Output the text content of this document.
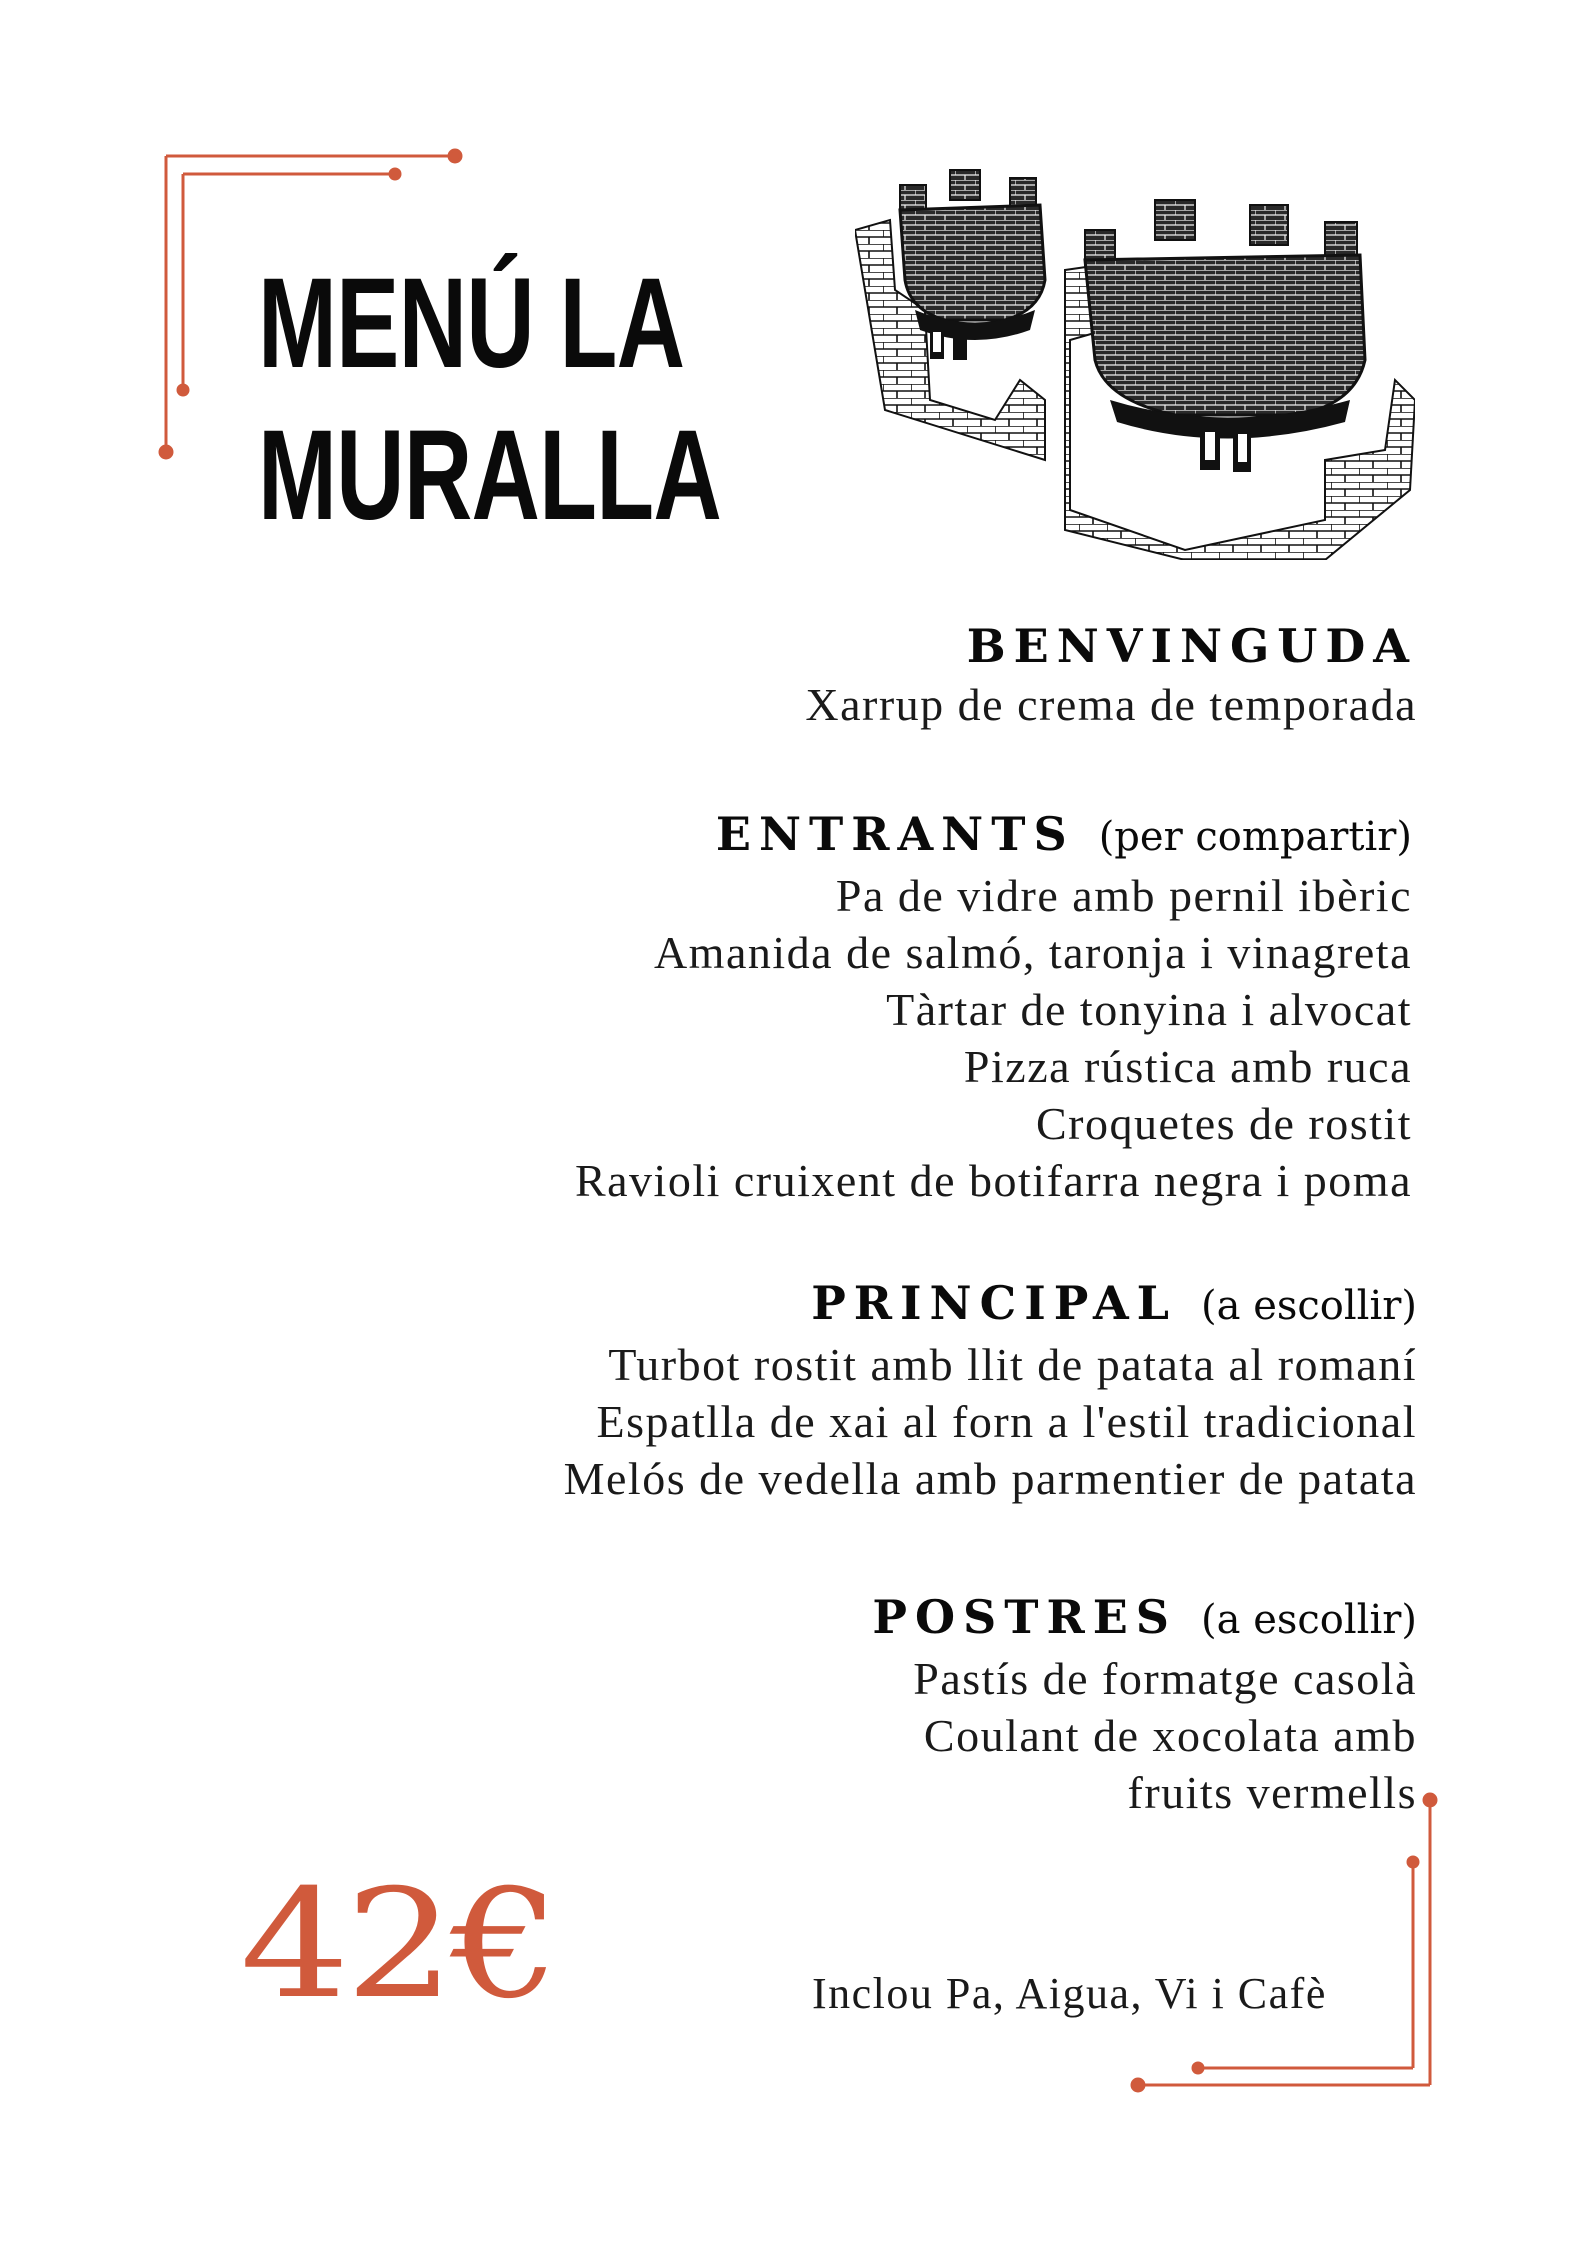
MENÚ LA
MURALLA
BENVINGUDA
Xarrup de crema de temporada
ENTRANTS (per compartir)
Pa de vidre amb pernil ibèric
Amanida de salmó, taronja i vinagreta
Tàrtar de tonyina i alvocat
Pizza rústica amb ruca
Croquetes de rostit
Ravioli cruixent de botifarra negra i poma
PRINCIPAL (a escollir)
Turbot rostit amb llit de patata al romaní
Espatlla de xai al forn a l'estil tradicional
Melós de vedella amb parmentier de patata
POSTRES (a escollir)
Pastís de formatge casolà
Coulant de xocolata amb
fruits vermells
42€	Inclou Pa, Aigua, Vi i Cafè
